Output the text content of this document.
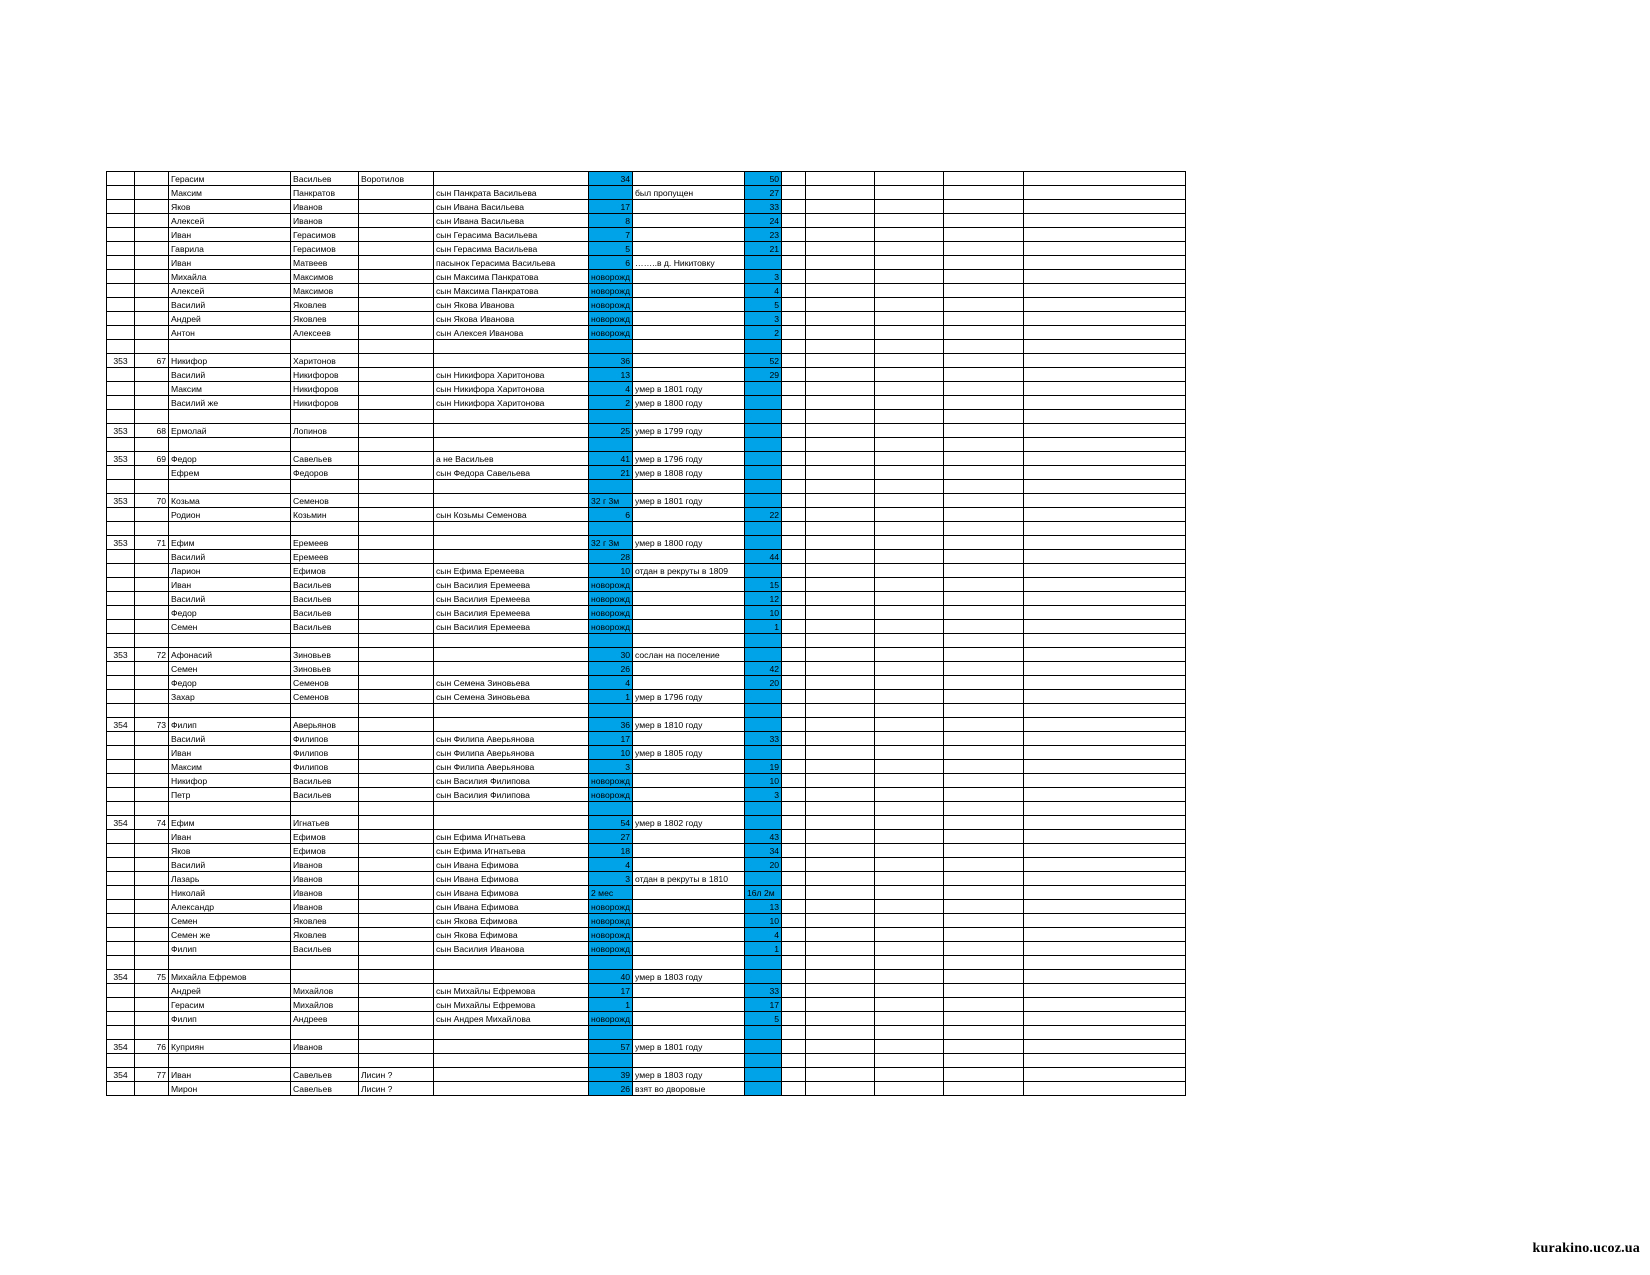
		Герасим	Васильев	Воротилов		34		50					
		Максим	Панкратов		сын Панкрата Васильева		был пропущен	27					
		Яков	Иванов		сын Ивана Васильева	17		33					
		Алексей	Иванов		сын Ивана Васильева	8		24					
		Иван	Герасимов		сын Герасима Васильева	7		23					
		Гаврила	Герасимов		сын Герасима Васильева	5		21					
		Иван	Матвеев		пасынок Герасима Васильева	6	……..в д. Никитовку						
		Михайла	Максимов		сын Максима Панкратова	новорожд		3					
		Алексей	Максимов		сын Максима Панкратова	новорожд		4					
		Василий	Яковлев		сын Якова Иванова	новорожд		5					
		Андрей	Яковлев		сын Якова Иванова	новорожд		3					
		Антон	Алексеев		сын Алексея Иванова	новорожд		2					

353	67	Никифор	Харитонов			36		52					
		Василий	Никифоров		сын Никифора Харитонова	13		29					
		Максим	Никифоров		сын Никифора Харитонова	4	умер в 1801 году						
		Василий же	Никифоров		сын Никифора Харитонова	2	умер в 1800 году						

353	68	Ермолай	Лопинов			25	умер в 1799 году						

353	69	Федор	Савельев		а не Васильев	41	умер в 1796 году						
		Ефрем	Федоров		сын Федора Савельева	21	умер в 1808 году						

353	70	Козьма	Семенов			32 г 3м	умер в 1801 году						
		Родион	Козьмин		сын Козьмы Семенова	6		22					

353	71	Ефим	Еремеев			32 г 3м	умер в 1800 году						
		Василий	Еремеев			28		44					
		Ларион	Ефимов		сын Ефима Еремеева	10	отдан в рекруты в 1809						
		Иван	Васильев		сын Василия Еремеева	новорожд		15					
		Василий	Васильев		сын Василия Еремеева	новорожд		12					
		Федор	Васильев		сын Василия Еремеева	новорожд		10					
		Семен	Васильев		сын Василия Еремеева	новорожд		1					

353	72	Афонасий	Зиновьев			30	сослан на поселение						
		Семен	Зиновьев			26		42					
		Федор	Семенов		сын Семена Зиновьева	4		20					
		Захар	Семенов		сын Семена Зиновьева	1	умер в 1796 году						

354	73	Филип	Аверьянов			36	умер в 1810 году						
		Василий	Филипов		сын Филипа Аверьянова	17		33					
		Иван	Филипов		сын Филипа Аверьянова	10	умер в 1805 году						
		Максим	Филипов		сын Филипа Аверьянова	3		19					
		Никифор	Васильев		сын Василия Филипова	новорожд		10					
		Петр	Васильев		сын Василия Филипова	новорожд		3					

354	74	Ефим	Игнатьев			54	умер в 1802 году						
		Иван	Ефимов		сын Ефима Игнатьева	27		43					
		Яков	Ефимов		сын Ефима Игнатьева	18		34					
		Василий	Иванов		сын Ивана Ефимова	4		20					
		Лазарь	Иванов		сын Ивана Ефимова	3	отдан в рекруты в 1810						
		Николай	Иванов		сын Ивана Ефимова	2 мес		16л 2м					
		Александр	Иванов		сын Ивана Ефимова	новорожд		13					
		Семен	Яковлев		сын Якова Ефимова	новорожд		10					
		Семен же	Яковлев		сын Якова Ефимова	новорожд		4					
		Филип	Васильев		сын Василия Иванова	новорожд		1					

354	75	Михайла Ефремов				40	умер в 1803 году						
		Андрей	Михайлов		сын Михайлы Ефремова	17		33					
		Герасим	Михайлов		сын Михайлы Ефремова	1		17					
		Филип	Андреев		сын Андрея Михайлова	новорожд		5					

354	76	Куприян	Иванов			57	умер в 1801 году						

354	77	Иван	Савельев	Лисин ?		39	умер в 1803 году						
		Мирон	Савельев	Лисин ?		26	взят во дворовые						
kurakino.ucoz.ua
